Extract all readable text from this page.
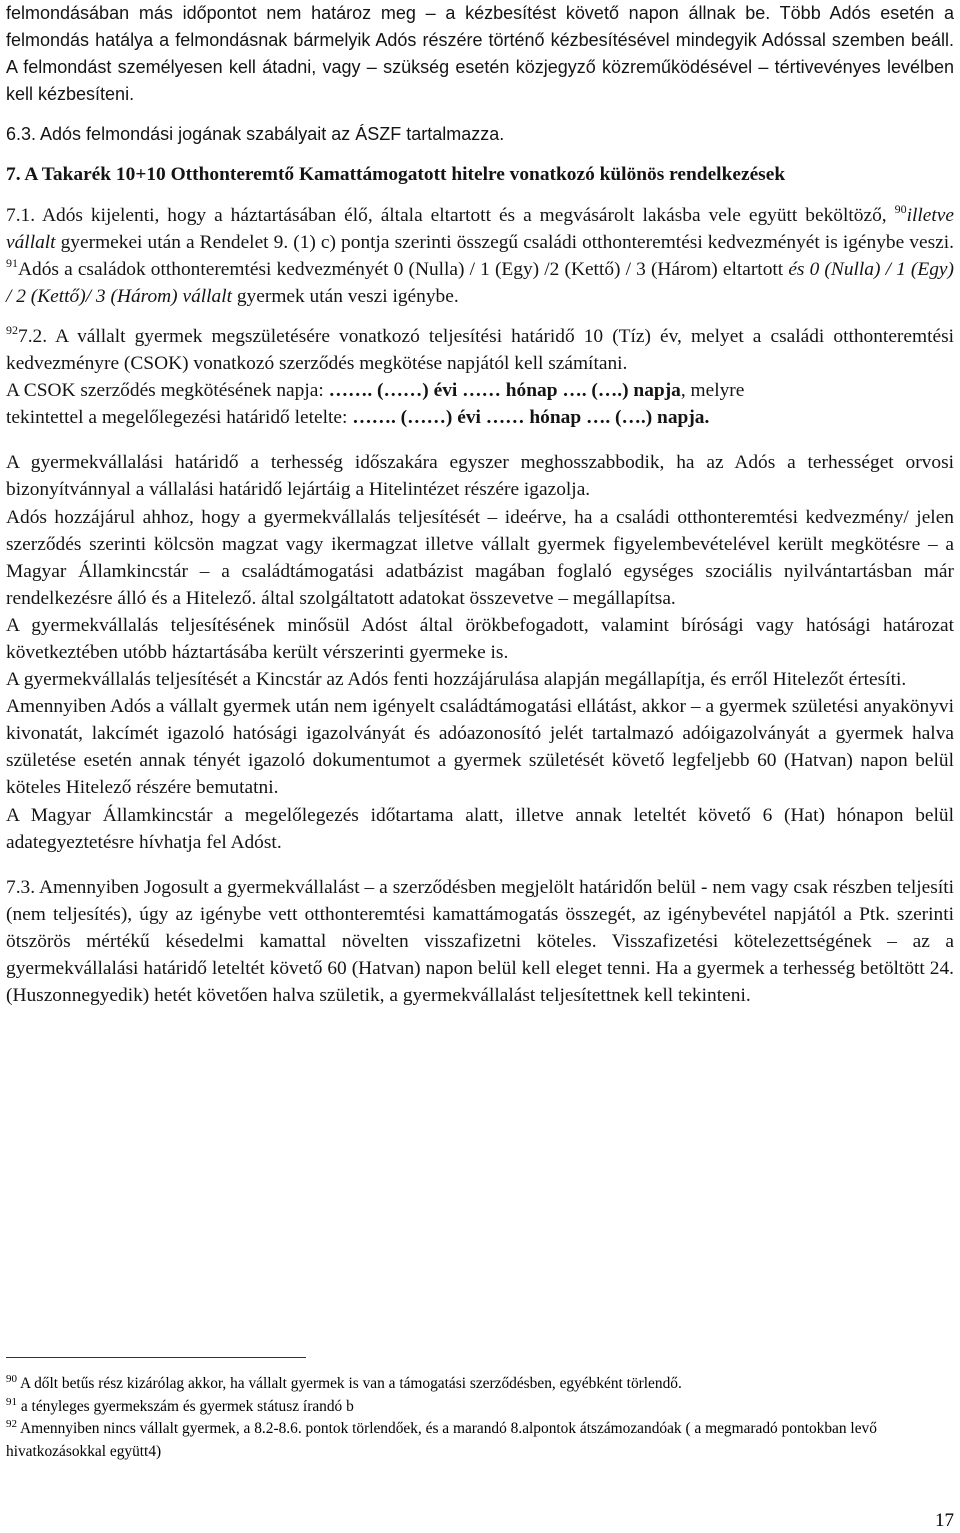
felmondásában más időpontot nem határoz meg – a kézbesítést követő napon állnak be. Több Adós esetén a felmondás hatálya a felmondásnak bármelyik Adós részére történő kézbesítésével mindegyik Adóssal szemben beáll. A felmondást személyesen kell átadni, vagy – szükség esetén közjegyző közreműködésével – tértivevényes levélben kell kézbesíteni.

6.3. Adós felmondási jogának szabályait az ÁSZF tartalmazza.

7. A Takarék 10+10 Otthonteremtő Kamattámogatott hitelre vonatkozó különös rendelkezések

7.1. Adós kijelenti, hogy a háztartásában élő, általa eltartott és a megvásárolt lakásba vele együtt beköltöző, $^{90}$illetve vállalt gyermekei után a Rendelet 9. (1) c) pontja szerinti összegű családi otthonteremtési kedvezményét is igénybe veszi. $^{91}$Adós a családok otthonteremtési kedvezményét 0 (Nulla) / 1 (Egy) /2 (Kettő) / 3 (Három) eltartott és 0 (Nulla) / 1 (Egy) / 2 (Kettő)/ 3 (Három) vállalt gyermek után veszi igénybe.

$^{92}$7.2. A vállalt gyermek megszületésére vonatkozó teljesítési határidő 10 (Tíz) év, melyet a családi otthonteremtési kedvezményre (CSOK) vonatkozó szerződés megkötése napjától kell számítani.

A CSOK szerződés megkötésének napja: ……. (……) évi …… hónap …. (….) napja, melyre
tekintettel a megelőlegezési határidő letelte: ……. (……) évi …… hónap …. (….) napja.

A gyermekvállalási határidő a terhesség időszakára egyszer meghosszabbodik, ha az Adós a terhességet orvosi bizonyítvánnyal a vállalási határidő lejártáig a Hitelintézet részére igazolja.

Adós hozzájárul ahhoz, hogy a gyermekvállalás teljesítését – ideérve, ha a családi otthonteremtési kedvezmény/ jelen szerződés szerinti kölcsön magzat vagy ikermagzat illetve vállalt gyermek figyelembevételével került megkötésre – a Magyar Államkincstár – a családtámogatási adatbázist magában foglaló egységes szociális nyilvántartásban már rendelkezésre álló és a Hitelező. által szolgáltatott adatokat összevetve – megállapítsa.

A gyermekvállalás teljesítésének minősül Adóst által örökbefogadott, valamint bírósági vagy hatósági határozat következtében utóbb háztartásába került vérszerinti gyermeke is.

A gyermekvállalás teljesítését a Kincstár az Adós fenti hozzájárulása alapján megállapítja, és erről Hitelezőt értesíti.

Amennyiben Adós a vállalt gyermek után nem igényelt családtámogatási ellátást, akkor – a gyermek születési anyakönyvi kivonatát, lakcímét igazoló hatósági igazolványát és adóazonosító jelét tartalmazó adóigazolványát a gyermek halva születése esetén annak tényét igazoló dokumentumot a gyermek születését követő legfeljebb 60 (Hatvan) napon belül köteles Hitelező részére bemutatni.

A Magyar Államkincstár a megelőlegezés időtartama alatt, illetve annak leteltét követő 6 (Hat) hónapon belül adategyeztetésre hívhatja fel Adóst.

7.3. Amennyiben Jogosult a gyermekvállalást – a szerződésben megjelölt határidőn belül - nem vagy csak részben teljesíti (nem teljesítés), úgy az igénybe vett otthonteremtési kamattámogatás összegét, az igénybevétel napjától a Ptk. szerinti ötszörös mértékű késedelmi kamattal növelten visszafizetni köteles. Visszafizetési kötelezettségének – az a gyermekvállalási határidő leteltét követő 60 (Hatvan) napon belül kell eleget tenni. Ha a gyermek a terhesség betöltött 24. (Huszonnegyedik) hetét követően halva születik, a gyermekvállalást teljesítettnek kell tekinteni.

$^{90}$ A dőlt betűs rész kizárólag akkor, ha vállalt gyermek is van a támogatási szerződésben, egyébként törlendő.

$^{91}$ a tényleges gyermekszám és gyermek státusz írandó b

$^{92}$ Amennyiben nincs vállalt gyermek, a 8.2-8.6. pontok törlendőek, és a marandó 8.alpontok átszámozandóak ( a megmaradó pontokban levő hivatkozásokkal együtt4)

17
